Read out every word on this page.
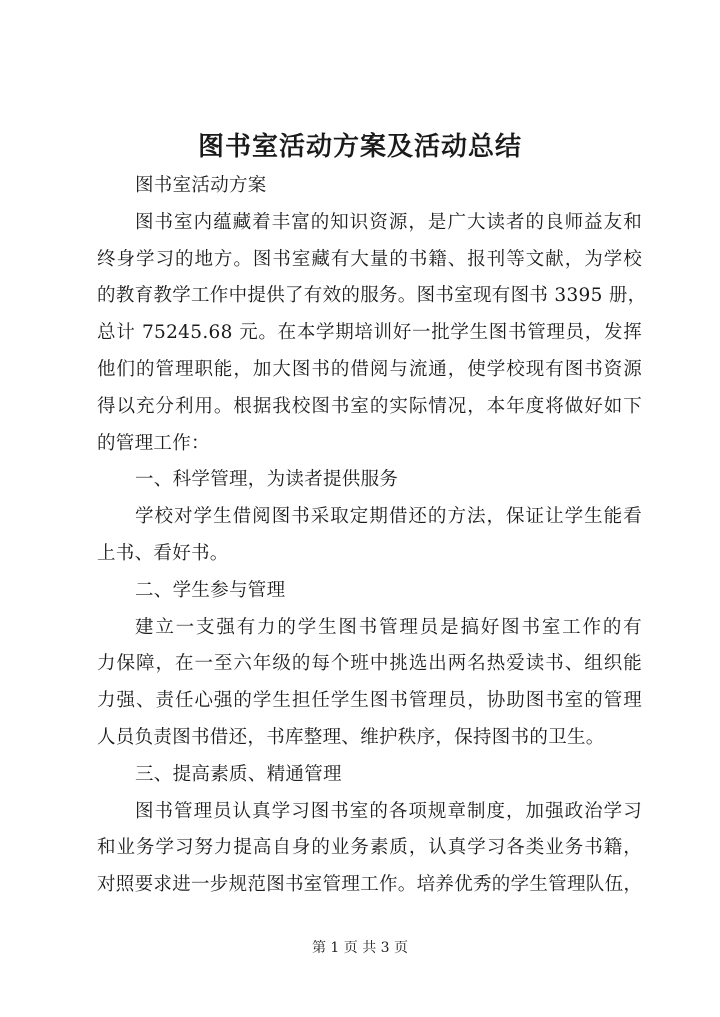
图书室活动方案及活动总结
图书室活动方案
图书室内蕴藏着丰富的知识资源，是广大读者的良师益友和
终身学习的地方。图书室藏有大量的书籍、报刊等文献，为学校
的教育教学工作中提供了有效的服务。图书室现有图书 3395 册，
总计 75245.68 元。在本学期培训好一批学生图书管理员，发挥
他们的管理职能，加大图书的借阅与流通，使学校现有图书资源
得以充分利用。根据我校图书室的实际情况，本年度将做好如下
的管理工作：
一、科学管理，为读者提供服务
学校对学生借阅图书采取定期借还的方法，保证让学生能看
上书、看好书。
二、学生参与管理
建立一支强有力的学生图书管理员是搞好图书室工作的有
力保障，在一至六年级的每个班中挑选出两名热爱读书、组织能
力强、责任心强的学生担任学生图书管理员，协助图书室的管理
人员负责图书借还，书库整理、维护秩序，保持图书的卫生。
三、提高素质、精通管理
图书管理员认真学习图书室的各项规章制度，加强政治学习
和业务学习努力提高自身的业务素质，认真学习各类业务书籍，
对照要求进一步规范图书室管理工作。培养优秀的学生管理队伍，
第 1 页 共 3 页
